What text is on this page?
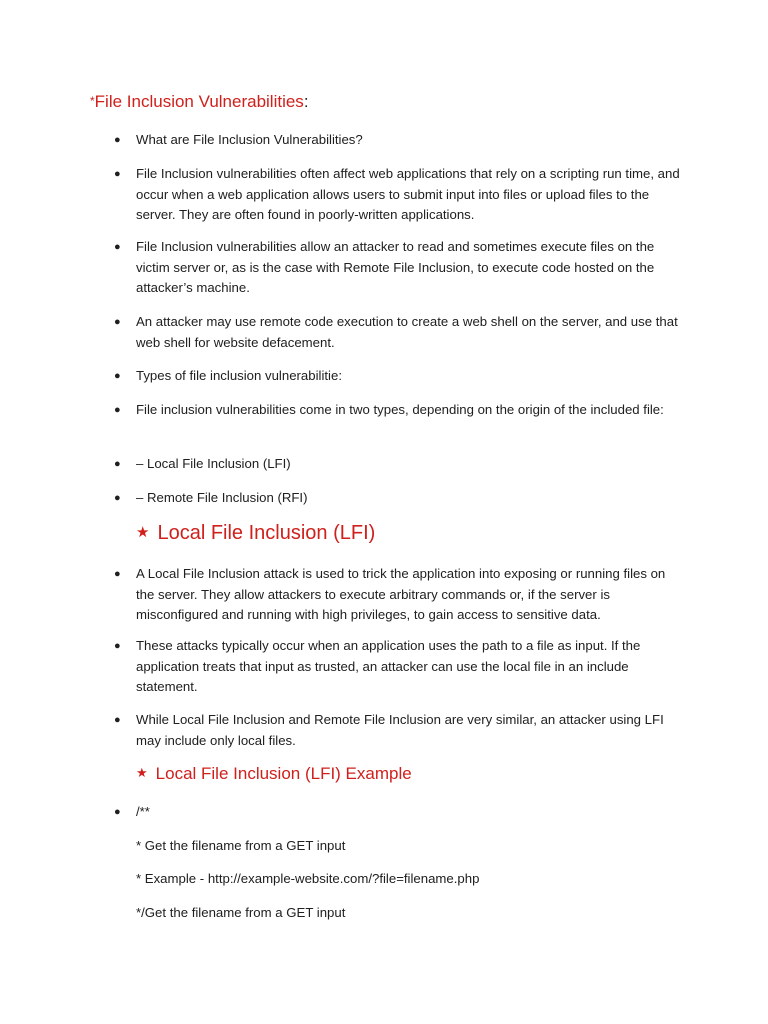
*File Inclusion Vulnerabilities:
● What are File Inclusion Vulnerabilities?
● File Inclusion vulnerabilities often affect web applications that rely on a scripting run time, and occur when a web application allows users to submit input into files or upload files to the server. They are often found in poorly-written applications.
● File Inclusion vulnerabilities allow an attacker to read and sometimes execute files on the victim server or, as is the case with Remote File Inclusion, to execute code hosted on the attacker’s machine.
● An attacker may use remote code execution to create a web shell on the server, and use that web shell for website defacement.
● Types of file inclusion vulnerabilitie:
● File inclusion vulnerabilities come in two types, depending on the origin of the included file:
● – Local File Inclusion (LFI)
● – Remote File Inclusion (RFI)
★ Local File Inclusion (LFI)
● A Local File Inclusion attack is used to trick the application into exposing or running files on the server. They allow attackers to execute arbitrary commands or, if the server is misconfigured and running with high privileges, to gain access to sensitive data.
● These attacks typically occur when an application uses the path to a file as input. If the application treats that input as trusted, an attacker can use the local file in an include statement.
● While Local File Inclusion and Remote File Inclusion are very similar, an attacker using LFI may include only local files.
★ Local File Inclusion (LFI) Example
● /**
* Get the filename from a GET input
* Example - http://example-website.com/?file=filename.php
*/Get the filename from a GET input
